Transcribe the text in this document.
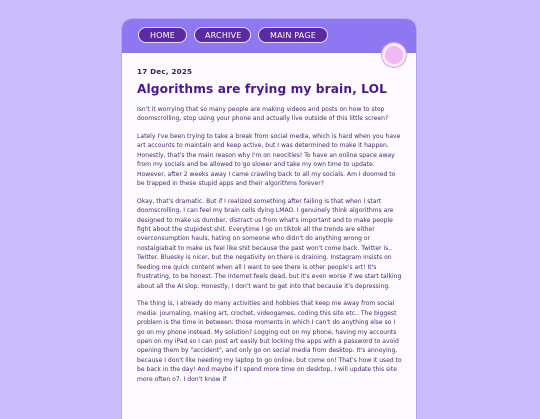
HOME	ARCHIVE	MAIN PAGE

17 Dec, 2025

Algorithms are frying my brain, LOL

Isn't it worrying that so many people are making videos and posts on how to stop doomscrolling, stop using your phone and actually live outside of this little screen?

Lately I've been trying to take a break from social media, which is hard when you have art accounts to maintain and keep active, but I was determined to make it happen. Honestly, that's the main reason why I'm on neocities! To have an online space away from my socials and be allowed to go slower and take my own time to update. However, after 2 weeks away I came crawling back to all my socials. Am I doomed to be trapped in these stupid apps and their algorithms forever?

Okay, that's dramatic. But if I realized something after failing is that when I start doomscrolling, I can feel my brain cells dying LMAO. I genuinely think algorithms are designed to make us dumber, distract us from what's important and to make people fight about the stupidest shit. Everytime I go on tiktok all the trends are either overconsumption hauls, hating on someone who didn't do anything wrong or nostalgiabait to make us feel like shit because the past won't come back. Twitter is.. Twitter. Bluesky is nicer, but the negativity on there is draining. Instagram insists on feeding me quick content when all I want to see there is other people's art! It's frustrating, to be honest. The internet feels dead, but it's even worse if we start talking about all the AI slop. Honestly, I don't want to get into that because it's depressing.

The thing is, I already do many activities and hobbies that keep me away from social media: journaling, making art, crochet, videogames, coding this site etc.. The biggest problem is the time in between: those moments in which I can't do anything else so I go on my phone instead. My solution? Logging out on my phone, having my accounts open on my iPad so I can post art easily but locking the apps with a password to avoid opening them by "accident", and only go on social media from desktop. It's annoying, because I don't like needing my laptop to go online, but come on! That's how it used to be back in the day! And maybe if I spend more time on desktop, I will update this site more often o7. I don't know if
